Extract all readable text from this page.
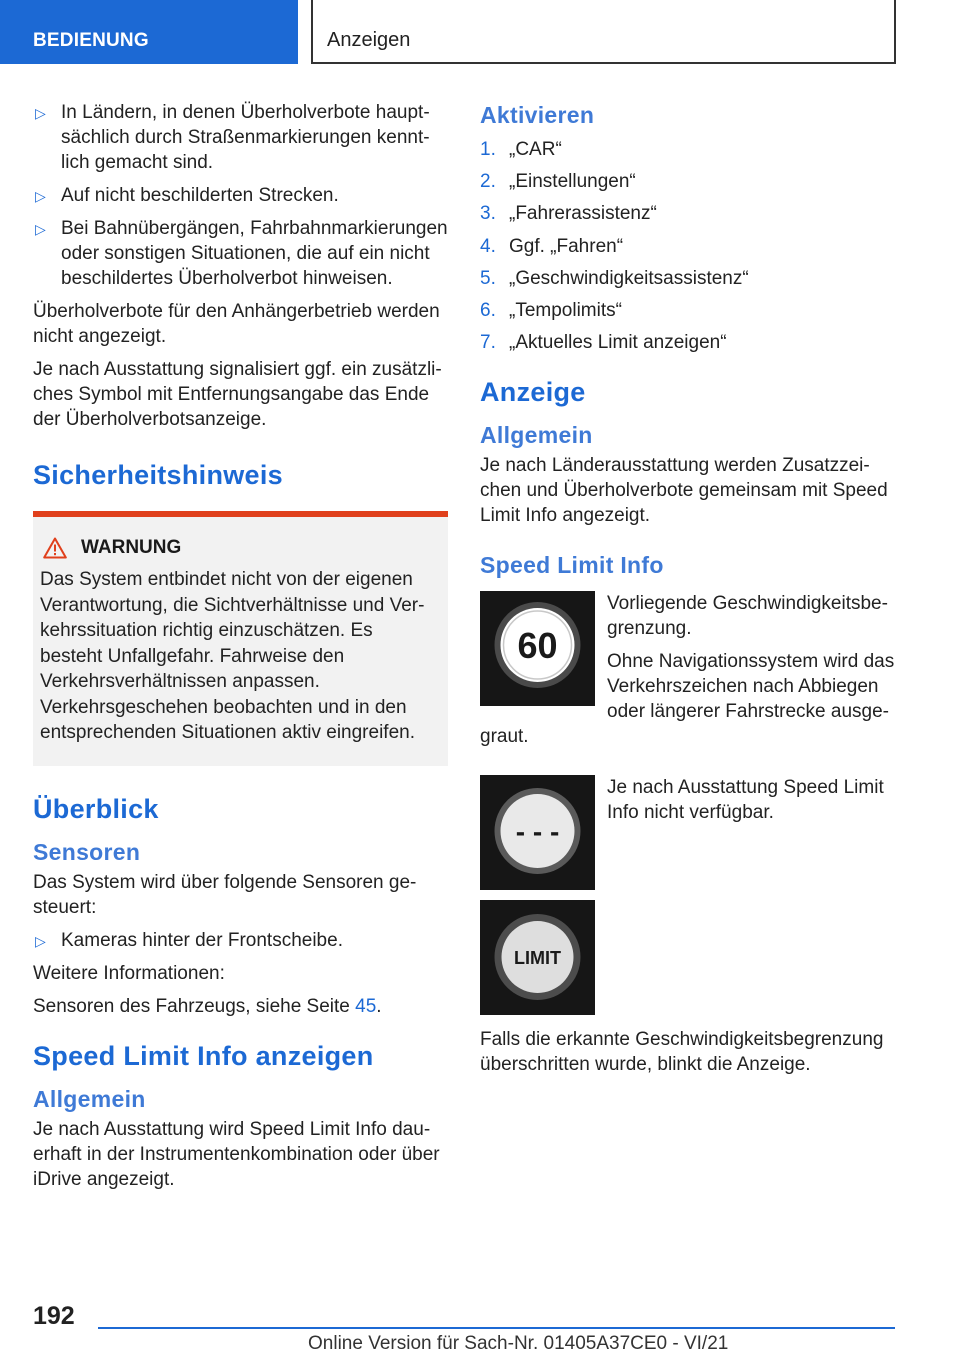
BEDIENUNG	Anzeigen
▷ In Ländern, in denen Überholverbote hauptsächlich durch Straßenmarkierungen kenntlich gemacht sind.
▷ Auf nicht beschilderten Strecken.
▷ Bei Bahnübergängen, Fahrbahnmarkierungen oder sonstigen Situationen, die auf ein nicht beschildertes Überholverbot hinweisen.

Überholverbote für den Anhängerbetrieb werden nicht angezeigt.

Je nach Ausstattung signalisiert ggf. ein zusätzliches Symbol mit Entfernungsangabe das Ende der Überholverbotsanzeige.

Sicherheitshinweis
WARNUNG

Das System entbindet nicht von der eigenen Verantwortung, die Sichtverhältnisse und Verkehrssituation richtig einzuschätzen. Es besteht Unfallgefahr. Fahrweise den Verkehrsverhältnissen anpassen. Verkehrsgeschehen beobachten und in den entsprechenden Situationen aktiv eingreifen.

Überblick
Sensoren

Das System wird über folgende Sensoren gesteuert:

▷ Kameras hinter der Frontscheibe.

Weitere Informationen:

Sensoren des Fahrzeugs, siehe Seite 45.

Speed Limit Info anzeigen
Allgemein

Je nach Ausstattung wird Speed Limit Info dauerhaft in der Instrumentenkombination oder über iDrive angezeigt.

Aktivieren
1. „CAR“
2. „Einstellungen“
3. „Fahrerassistenz“
4. Ggf. „Fahren“
5. „Geschwindigkeitsassistenz“
6. „Tempolimits“
7. „Aktuelles Limit anzeigen“
Anzeige
Allgemein

Je nach Länderausstattung werden Zusatzzeichen und Überholverbote gemeinsam mit Speed Limit Info angezeigt.

Speed Limit Info
60

Vorliegende Geschwindigkeitsbegrenzung.

Ohne Navigationssystem wird das Verkehrszeichen nach Abbiegen oder längerer Fahrstrecke ausgegraut.

- - -

Je nach Ausstattung Speed Limit Info nicht verfügbar.

LIMIT

Falls die erkannte Geschwindigkeitsbegrenzung überschritten wurde, blinkt die Anzeige.

192
Online Version für Sach-Nr. 01405A37CE0 - VI/21
